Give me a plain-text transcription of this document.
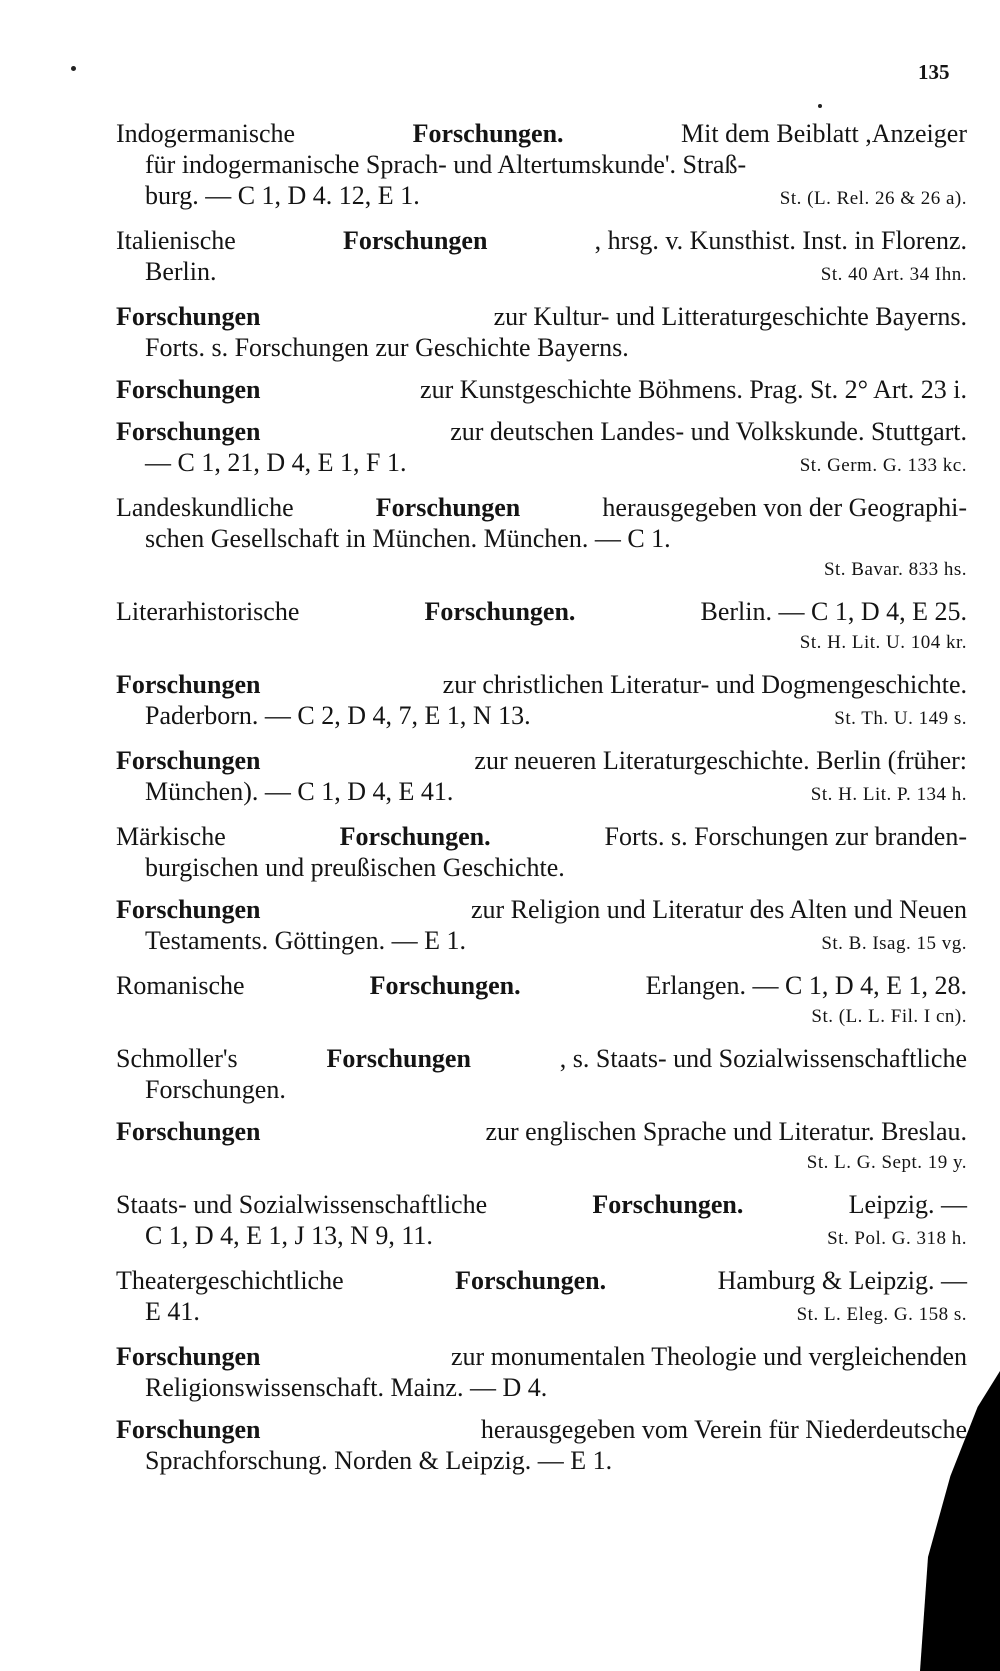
135
Indogermanische	Forschungen.	Mit dem Beiblatt ,Anzeiger
für indogermanische Sprach- und Altertumskunde'. Straß-
burg. — C 1, D 4. 12, E 1.	St. (L. Rel. 26 & 26 a).
Italienische	Forschungen	, hrsg. v. Kunsthist. Inst. in Florenz.
Berlin.	St. 40 Art. 34 Ihn.
Forschungen	zur Kultur- und Litteraturgeschichte Bayerns.
Forts. s. Forschungen zur Geschichte Bayerns.
Forschungen	zur Kunstgeschichte Böhmens. Prag. St. 2° Art. 23 i.
Forschungen	zur deutschen Landes- und Volkskunde. Stuttgart.
— C 1, 21, D 4, E 1, F 1.	St. Germ. G. 133 kc.
Landeskundliche	Forschungen	herausgegeben von der Geographi-
schen Gesellschaft in München. München. — C 1.
St. Bavar. 833 hs.
Literarhistorische	Forschungen.	Berlin. — C 1, D 4, E 25.
St. H. Lit. U. 104 kr.
Forschungen	zur christlichen Literatur- und Dogmengeschichte.
Paderborn. — C 2, D 4, 7, E 1, N 13.	St. Th. U. 149 s.
Forschungen	zur neueren Literaturgeschichte. Berlin (früher:
München). — C 1, D 4, E 41.	St. H. Lit. P. 134 h.
Märkische	Forschungen.	Forts. s. Forschungen zur branden-
burgischen und preußischen Geschichte.
Forschungen	zur Religion und Literatur des Alten und Neuen
Testaments. Göttingen. — E 1.	St. B. Isag. 15 vg.
Romanische	Forschungen.	Erlangen. — C 1, D 4, E 1, 28.
St. (L. L. Fil. I cn).
Schmoller's	Forschungen	, s. Staats- und Sozialwissenschaftliche
Forschungen.
Forschungen	zur englischen Sprache und Literatur. Breslau.
St. L. G. Sept. 19 y.
Staats- und Sozialwissenschaftliche	Forschungen.	Leipzig. —
C 1, D 4, E 1, J 13, N 9, 11.	St. Pol. G. 318 h.
Theatergeschichtliche	Forschungen.	Hamburg & Leipzig. —
E 41.	St. L. Eleg. G. 158 s.
Forschungen	zur monumentalen Theologie und vergleichenden
Religionswissenschaft. Mainz. — D 4.
Forschungen	herausgegeben vom Verein für Niederdeutsche
Sprachforschung. Norden & Leipzig. — E 1.
